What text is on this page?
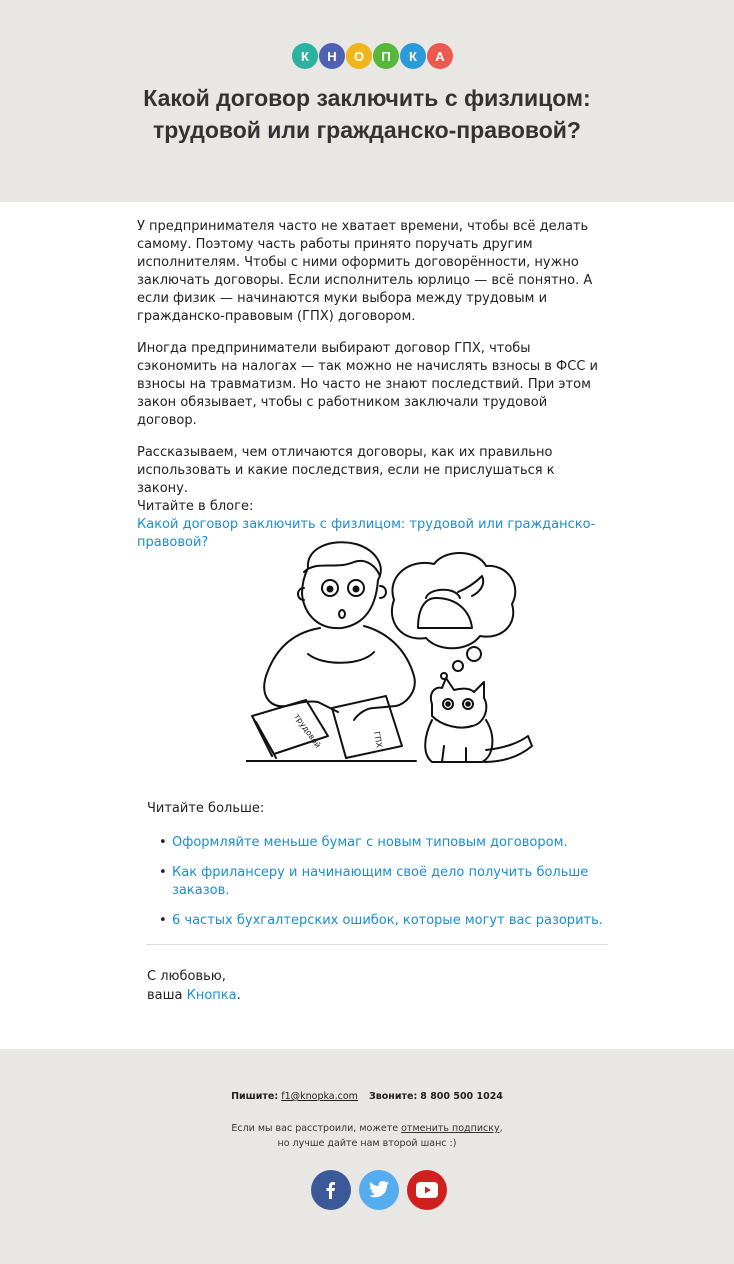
К	Н	О	П	К	А
Какой договор заключить с физлицом: трудовой или гражданско-правовой?

У предпринимателя часто не хватает времени, чтобы всё делать самому. Поэтому часть работы принято поручать другим исполнителям. Чтобы с ними оформить договорённости, нужно заключать договоры. Если исполнитель юрлицо — всё понятно. А если физик — начинаются муки выбора между трудовым и гражданско-правовым (ГПХ) договором.

Иногда предприниматели выбирают договор ГПХ, чтобы сэкономить на налогах — так можно не начислять взносы в ФСС и взносы на травматизм. Но часто не знают последствий. При этом закон обязывает, чтобы с работником заключали трудовой договор.

Рассказываем, чем отличаются договоры, как их правильно использовать и какие последствия, если не прислушаться к закону.
Читайте в блоге:
Какой договор заключить с физлицом: трудовой или гражданско-правовой?
трудовой	ГПХ
Читайте больше:
• Оформляйте меньше бумаг с новым типовым договором.
• Как фрилансеру и начинающим своё дело получить больше заказов.
• 6 частых бухгалтерских ошибок, которые могут вас разорить.
С любовью,
ваша Кнопка.
Пишите: f1@knopka.com Звоните: 8 800 500 1024
Если мы вас расстроили, можете отменить подписку,
но лучше дайте нам второй шанс :)
